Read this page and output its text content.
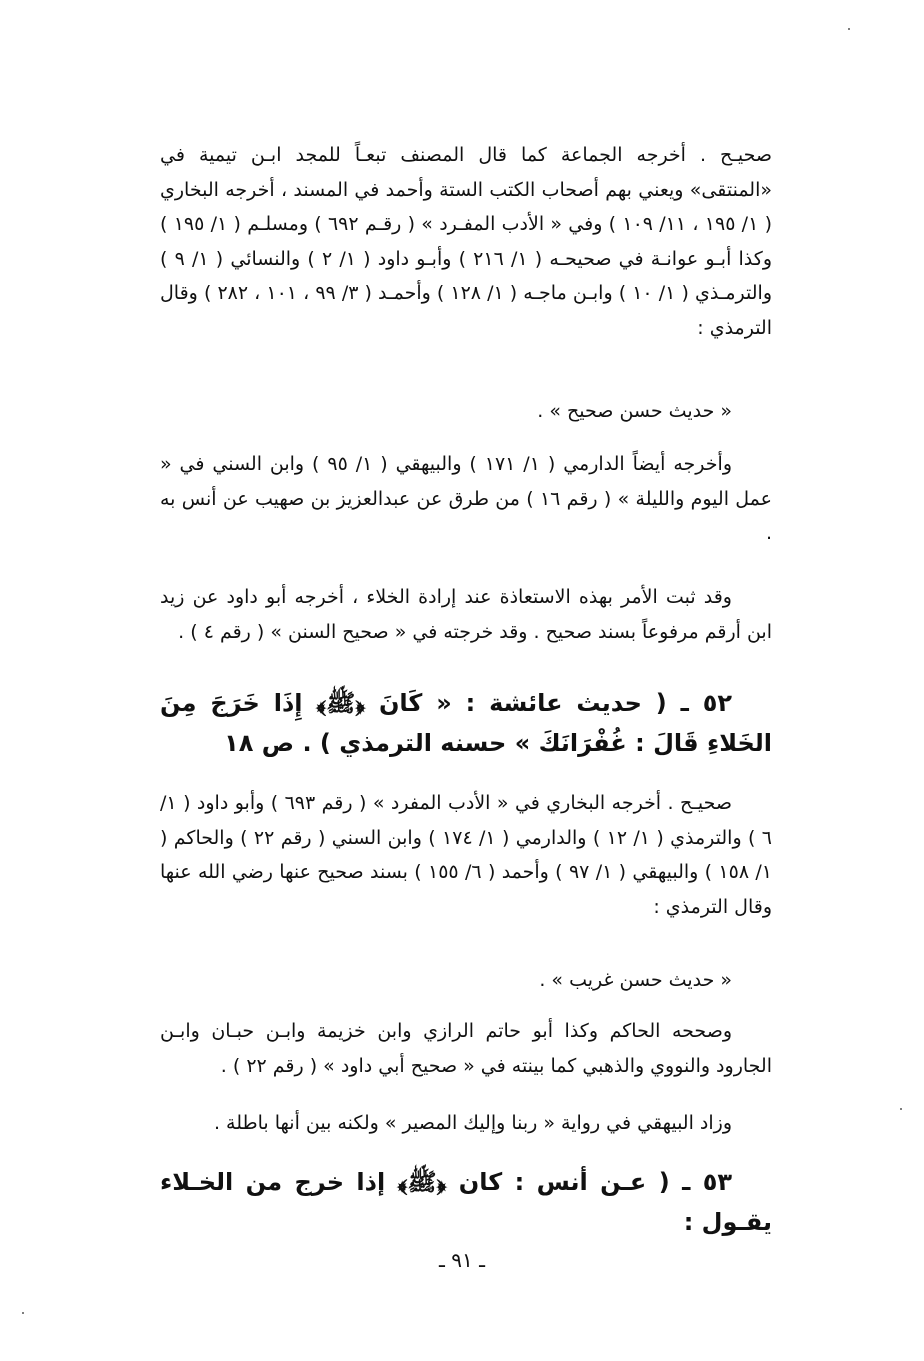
صحيـح . أخرجه الجماعة كما قال المصنف تبعـاً للمجد ابـن تيمية في «المنتقى» ويعني بهم أصحاب الكتب الستة وأحمد في المسند ، أخرجه البخاري ( ١/ ١٩٥ ، ١١/ ١٠٩ ) وفي « الأدب المفـرد » ( رقـم ٦٩٢ ) ومسلـم ( ١/ ١٩٥ ) وكذا أبـو عوانـة في صحيحـه ( ١/ ٢١٦ ) وأبـو داود ( ١/ ٢ ) والنسائي ( ١/ ٩ ) والترمـذي ( ١/ ١٠ ) وابـن ماجـه ( ١/ ١٢٨ ) وأحمـد ( ٣/ ٩٩ ، ١٠١ ، ٢٨٢ ) وقال الترمذي :

« حديث حسن صحيح » .

وأخرجه أيضاً الدارمي ( ١/ ١٧١ ) والبيهقي ( ١/ ٩٥ ) وابن السني في « عمل اليوم والليلة » ( رقم ١٦ ) من طرق عن عبدالعزيز بن صهيب عن أنس به .

وقد ثبت الأمر بهذه الاستعاذة عند إرادة الخلاء ، أخرجه أبو داود عن زيد ابن أرقم مرفوعاً بسند صحيح . وقد خرجته في « صحيح السنن » ( رقم ٤ ) .

٥٢ ـ ( حديث عائشة : « كَانَ ﴿ﷺ﴾ إِذَا خَرَجَ مِنَ الخَلاءِ قَالَ : غُفْرَانَكَ » حسنه الترمذي ) . ص ١٨

صحيـح . أخرجه البخاري في « الأدب المفرد » ( رقم ٦٩٣ ) وأبو داود ( ١/ ٦ ) والترمذي ( ١/ ١٢ ) والدارمي ( ١/ ١٧٤ ) وابن السني ( رقم ٢٢ ) والحاكم ( ١/ ١٥٨ ) والبيهقي ( ١/ ٩٧ ) وأحمد ( ٦/ ١٥٥ ) بسند صحيح عنها رضي الله عنها وقال الترمذي :

« حديث حسن غريب » .

وصححه الحاكم وكذا أبو حاتم الرازي وابن خزيمة وابـن حبـان وابـن الجارود والنووي والذهبي كما بينته في « صحيح أبي داود » ( رقم ٢٢ ) .

وزاد البيهقي في رواية « ربنا وإليك المصير » ولكنه بين أنها باطلة .

٥٣ ـ ( عـن أنس : كان ﴿ﷺ﴾ إذا خرج من الخـلاء يقـول :

ـ ٩١ ـ
